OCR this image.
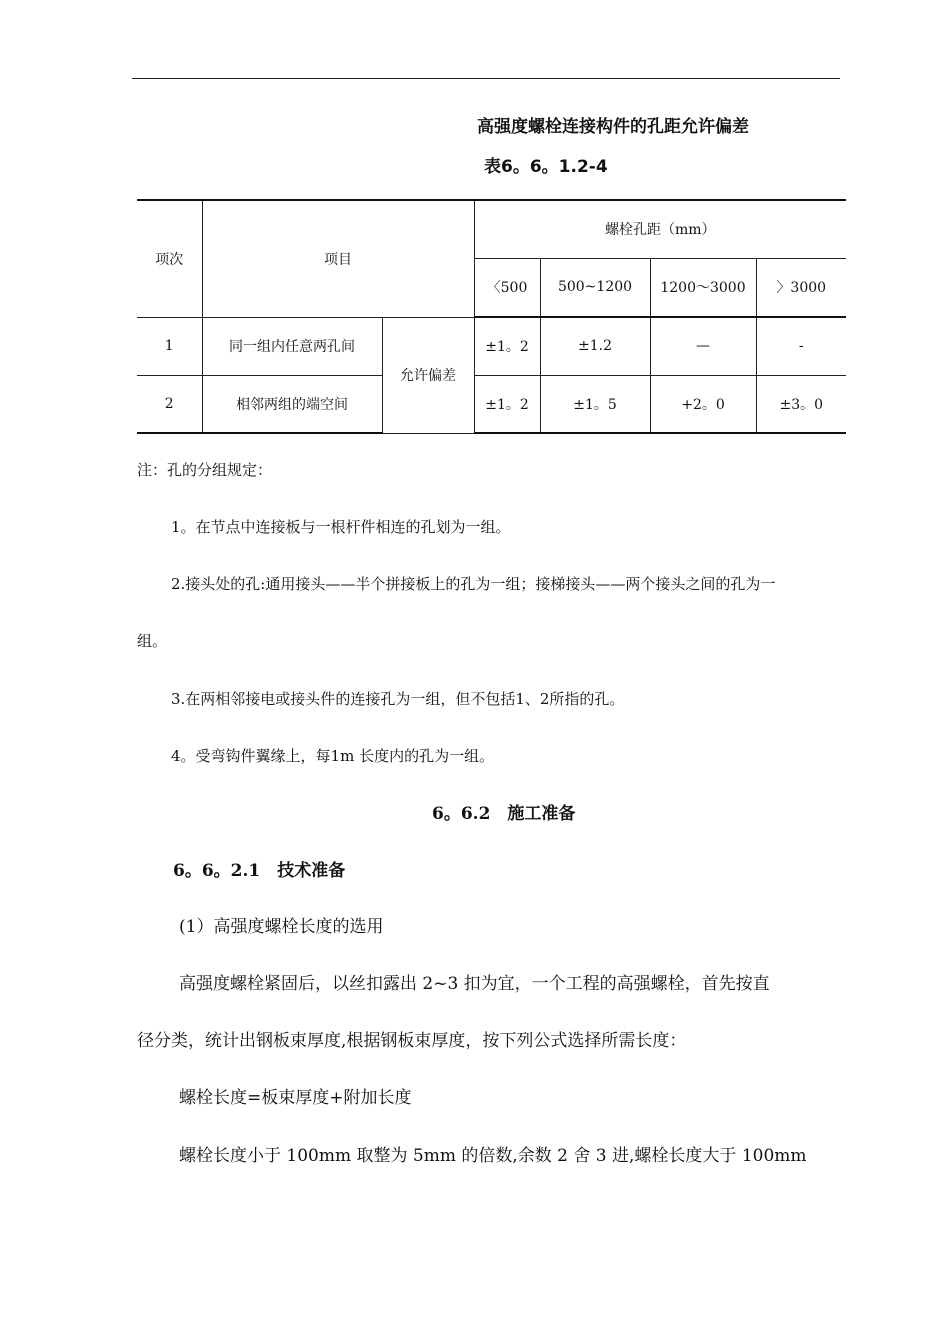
高强度螺栓连接构件的孔距允许偏差
表6。6。1.2-4
项次	项目		螺栓孔距（mm）			
			〈500	500~1200	1200～3000	〉3000
1	同一组内任意两孔间	允许偏差	±1。2	±1.2	—	-
2	相邻两组的端空间		±1。2	±1。5	+2。0	±3。0
注：孔的分组规定：
1。在节点中连接板与一根杆件相连的孔划为一组。
2.接头处的孔:通用接头——半个拼接板上的孔为一组；接梯接头——两个接头之间的孔为一
组。
3.在两相邻接电或接头件的连接孔为一组，但不包括1、2所指的孔。
4。受弯钩件翼缘上，每1m 长度内的孔为一组。
6。6.2　施工准备
6。6。2.1　技术准备
(1）高强度螺栓长度的选用
高强度螺栓紧固后，以丝扣露出 2~3 扣为宜，一个工程的高强螺栓，首先按直
径分类，统计出钢板束厚度,根据钢板束厚度，按下列公式选择所需长度：
螺栓长度=板束厚度+附加长度
螺栓长度小于 100mm 取整为 5mm 的倍数,余数 2 舍 3 进,螺栓长度大于 100mm
